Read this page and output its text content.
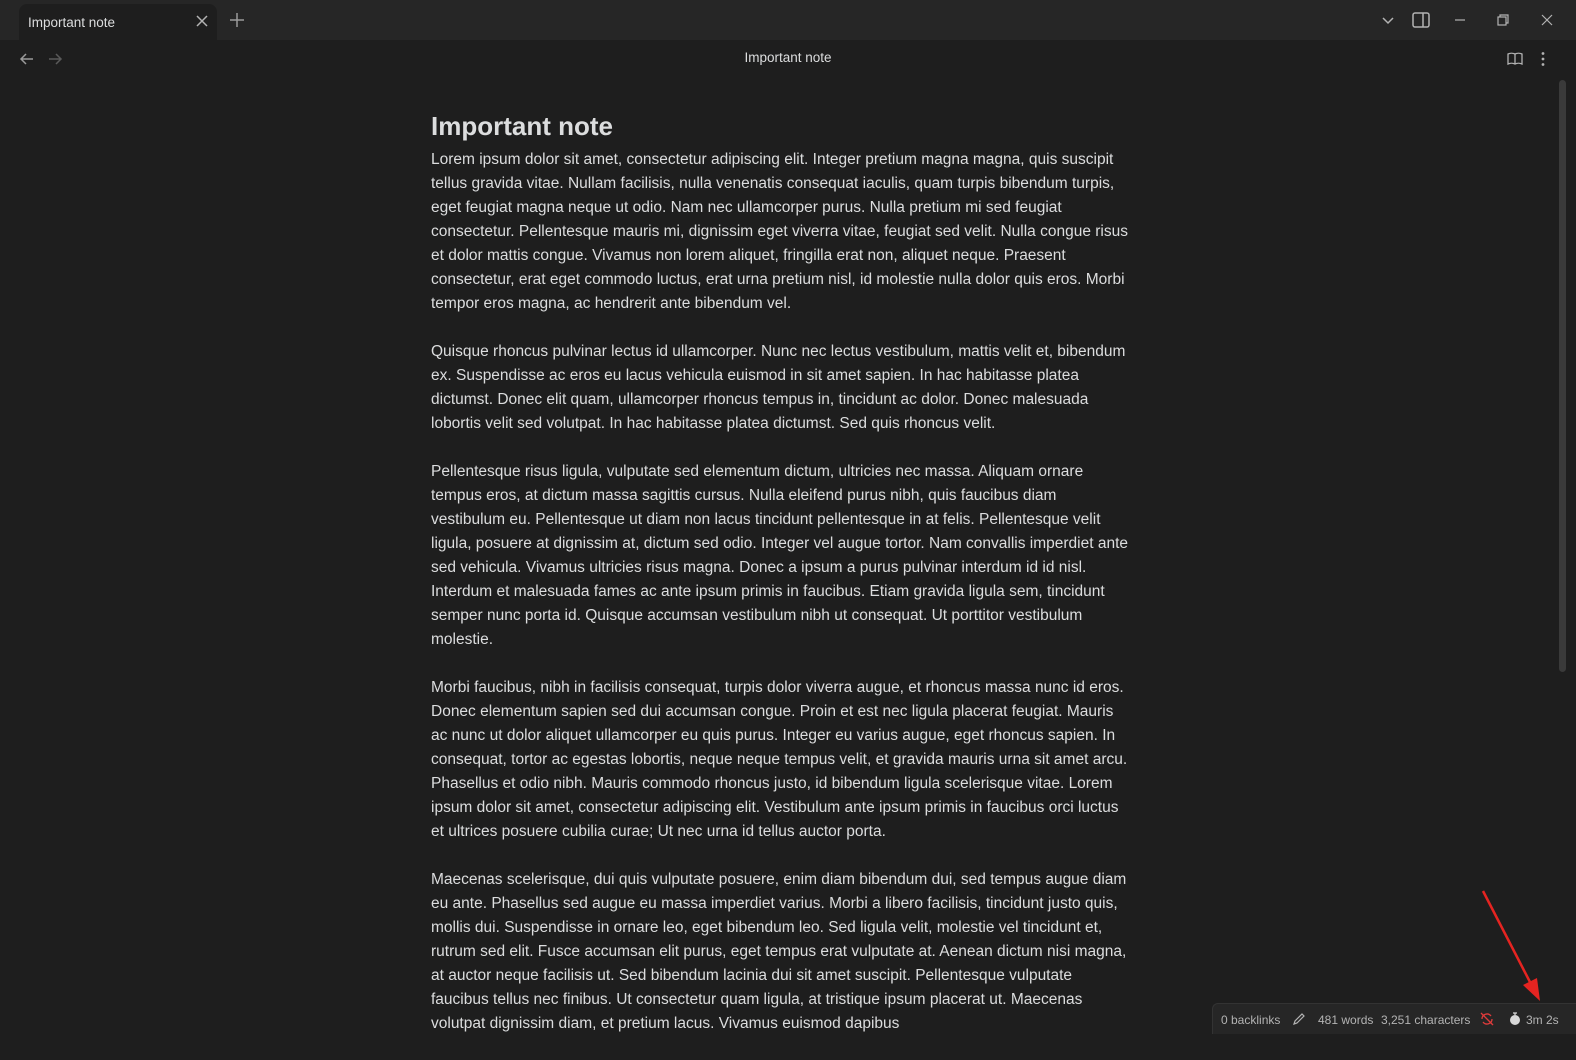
Important note
Important note
Important note

Lorem ipsum dolor sit amet, consectetur adipiscing elit. Integer pretium magna magna, quis suscipit tellus gravida vitae. Nullam facilisis, nulla venenatis consequat iaculis, quam turpis bibendum turpis, eget feugiat magna neque ut odio. Nam nec ullamcorper purus. Nulla pretium mi sed feugiat consectetur. Pellentesque mauris mi, dignissim eget viverra vitae, feugiat sed velit. Nulla congue risus et dolor mattis congue. Vivamus non lorem aliquet, fringilla erat non, aliquet neque. Praesent consectetur, erat eget commodo luctus, erat urna pretium nisl, id molestie nulla dolor quis eros. Morbi tempor eros magna, ac hendrerit ante bibendum vel.

Quisque rhoncus pulvinar lectus id ullamcorper. Nunc nec lectus vestibulum, mattis velit et, bibendum ex. Suspendisse ac eros eu lacus vehicula euismod in sit amet sapien. In hac habitasse platea dictumst. Donec elit quam, ullamcorper rhoncus tempus in, tincidunt ac dolor. Donec malesuada lobortis velit sed volutpat. In hac habitasse platea dictumst. Sed quis rhoncus velit.

Pellentesque risus ligula, vulputate sed elementum dictum, ultricies nec massa. Aliquam ornare tempus eros, at dictum massa sagittis cursus. Nulla eleifend purus nibh, quis faucibus diam vestibulum eu. Pellentesque ut diam non lacus tincidunt pellentesque in at felis. Pellentesque velit ligula, posuere at dignissim at, dictum sed odio. Integer vel augue tortor. Nam convallis imperdiet ante sed vehicula. Vivamus ultricies risus magna. Donec a ipsum a purus pulvinar interdum id id nisl. Interdum et malesuada fames ac ante ipsum primis in faucibus. Etiam gravida ligula sem, tincidunt semper nunc porta id. Quisque accumsan vestibulum nibh ut consequat. Ut porttitor vestibulum molestie.

Morbi faucibus, nibh in facilisis consequat, turpis dolor viverra augue, et rhoncus massa nunc id eros. Donec elementum sapien sed dui accumsan congue. Proin et est nec ligula placerat feugiat. Mauris ac nunc ut dolor aliquet ullamcorper eu quis purus. Integer eu varius augue, eget rhoncus sapien. In consequat, tortor ac egestas lobortis, neque neque tempus velit, et gravida mauris urna sit amet arcu. Phasellus et odio nibh. Mauris commodo rhoncus justo, id bibendum ligula scelerisque vitae. Lorem ipsum dolor sit amet, consectetur adipiscing elit. Vestibulum ante ipsum primis in faucibus orci luctus et ultrices posuere cubilia curae; Ut nec urna id tellus auctor porta.

Maecenas scelerisque, dui quis vulputate posuere, enim diam bibendum dui, sed tempus augue diam eu ante. Phasellus sed augue eu massa imperdiet varius. Morbi a libero facilisis, tincidunt justo quis, mollis dui. Suspendisse in ornare leo, eget bibendum leo. Sed ligula velit, molestie vel tincidunt et, rutrum sed elit. Fusce accumsan elit purus, eget tempus erat vulputate at. Aenean dictum nisi magna, at auctor neque facilisis ut. Sed bibendum lacinia dui sit amet suscipit. Pellentesque vulputate faucibus tellus nec finibus. Ut consectetur quam ligula, at tristique ipsum placerat ut. Maecenas volutpat dignissim diam, et pretium lacus. Vivamus euismod dapibus	0 backlinks	481 words 3,251 characters	3m 2s
